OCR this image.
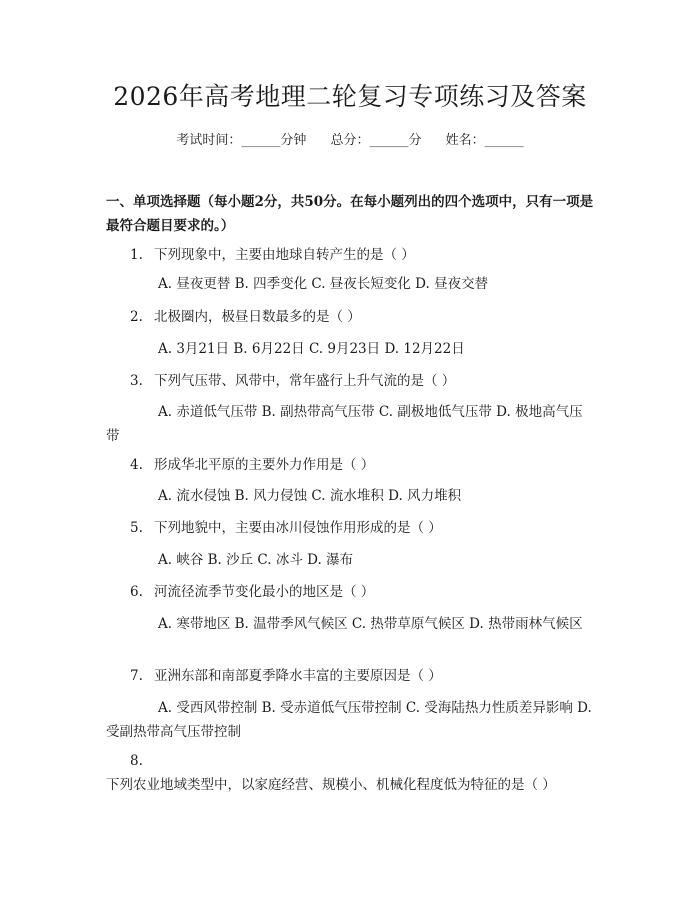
2026年高考地理二轮复习专项练习及答案
考试时间：______分钟 总分：______分 姓名：______
一、单项选择题（每小题2分，共50分。在每小题列出的四个选项中，只有一项是最符合题目要求的。）
1. 下列现象中，主要由地球自转产生的是（ ）
A. 昼夜更替 B. 四季变化 C. 昼夜长短变化 D. 昼夜交替
2. 北极圈内，极昼日数最多的是（ ）
A. 3月21日 B. 6月22日 C. 9月23日 D. 12月22日
3. 下列气压带、风带中，常年盛行上升气流的是（ ）
A. 赤道低气压带 B. 副热带高气压带 C. 副极地低气压带 D. 极地高气压带
4. 形成华北平原的主要外力作用是（ ）
A. 流水侵蚀 B. 风力侵蚀 C. 流水堆积 D. 风力堆积
5. 下列地貌中，主要由冰川侵蚀作用形成的是（ ）
A. 峡谷 B. 沙丘 C. 冰斗 D. 瀑布
6. 河流径流季节变化最小的地区是（ ）
A. 寒带地区 B. 温带季风气候区 C. 热带草原气候区 D. 热带雨林气候区
7. 亚洲东部和南部夏季降水丰富的主要原因是（ ）
A. 受西风带控制 B. 受赤道低气压带控制 C. 受海陆热力性质差异影响 D. 受副热带高气压带控制
8.下列农业地域类型中，以家庭经营、规模小、机械化程度低为特征的是（ ）
